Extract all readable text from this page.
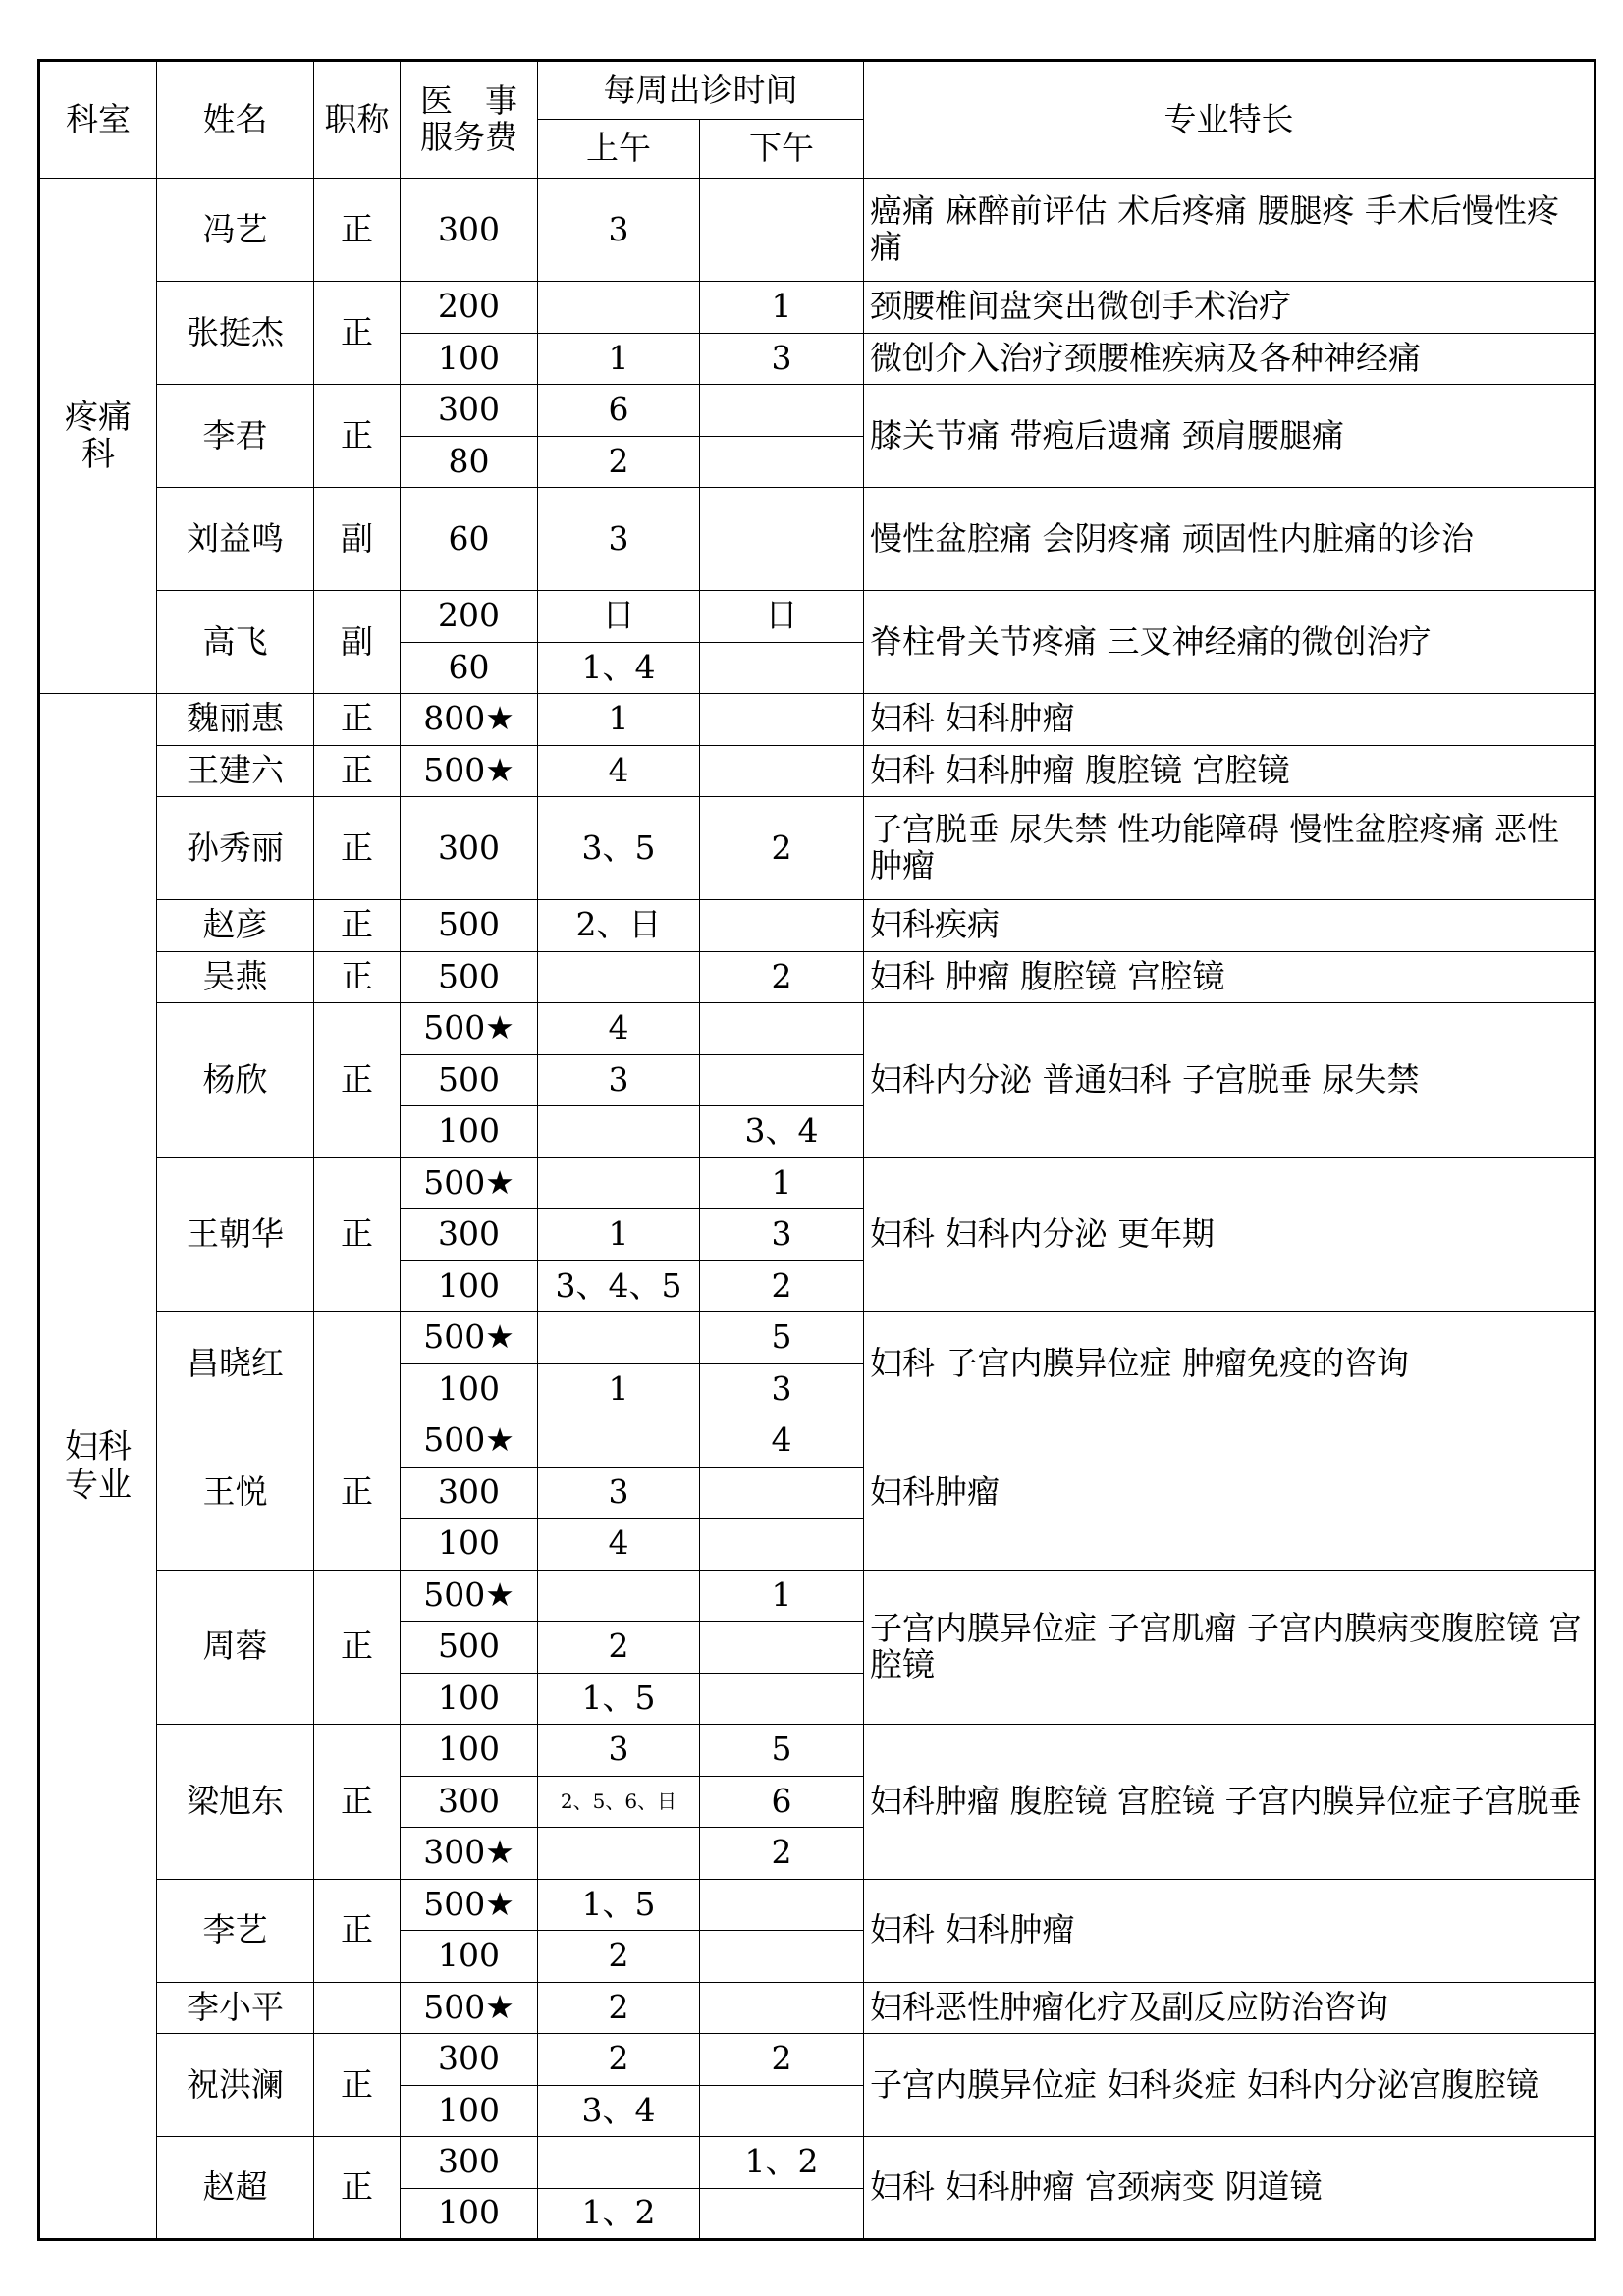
科室	姓名	职称	医　事
服务费	每周出诊时间		专业特长
				上午	下午	
疼痛
科	冯艺	正	300	3		癌痛 麻醉前评估 术后疼痛 腰腿疼 手术后慢性疼痛
	张挺杰	正	200		1	颈腰椎间盘突出微创手术治疗
			100	1	3	微创介入治疗颈腰椎疾病及各种神经痛
	李君	正	300	6		膝关节痛 带疱后遗痛 颈肩腰腿痛
			80	2		
	刘益鸣	副	60	3		慢性盆腔痛 会阴疼痛 顽固性内脏痛的诊治
	高飞	副	200	日	日	脊柱骨关节疼痛 三叉神经痛的微创治疗
			60	1、4		
妇科
专业	魏丽惠	正	800★	1		妇科 妇科肿瘤
	王建六	正	500★	4		妇科 妇科肿瘤 腹腔镜 宫腔镜
	孙秀丽	正	300	3、5	2	子宫脱垂 尿失禁 性功能障碍 慢性盆腔疼痛 恶性肿瘤
	赵彦	正	500	2、日		妇科疾病
	吴燕	正	500		2	妇科 肿瘤 腹腔镜 宫腔镜
	杨欣	正	500★	4		妇科内分泌 普通妇科 子宫脱垂 尿失禁
			500	3		
			100		3、4	
	王朝华	正	500★		1	妇科 妇科内分泌 更年期
			300	1	3	
			100	3、4、5	2	
	昌晓红		500★		5	妇科 子宫内膜异位症 肿瘤免疫的咨询
			100	1	3	
	王悦	正	500★		4	妇科肿瘤
			300	3		
			100	4		
	周蓉	正	500★		1	子宫内膜异位症 子宫肌瘤 子宫内膜病变腹腔镜 宫腔镜
			500	2		
			100	1、5		
	梁旭东	正	100	3	5	妇科肿瘤 腹腔镜 宫腔镜 子宫内膜异位症子宫脱垂
			300	2、5、6、日	6	
			300★		2	
	李艺	正	500★	1、5		妇科 妇科肿瘤
			100	2		
	李小平		500★	2		妇科恶性肿瘤化疗及副反应防治咨询
	祝洪澜	正	300	2	2	子宫内膜异位症 妇科炎症 妇科内分泌宫腹腔镜
			100	3、4		
	赵超	正	300		1、2	妇科 妇科肿瘤 宫颈病变 阴道镜
			100	1、2		
